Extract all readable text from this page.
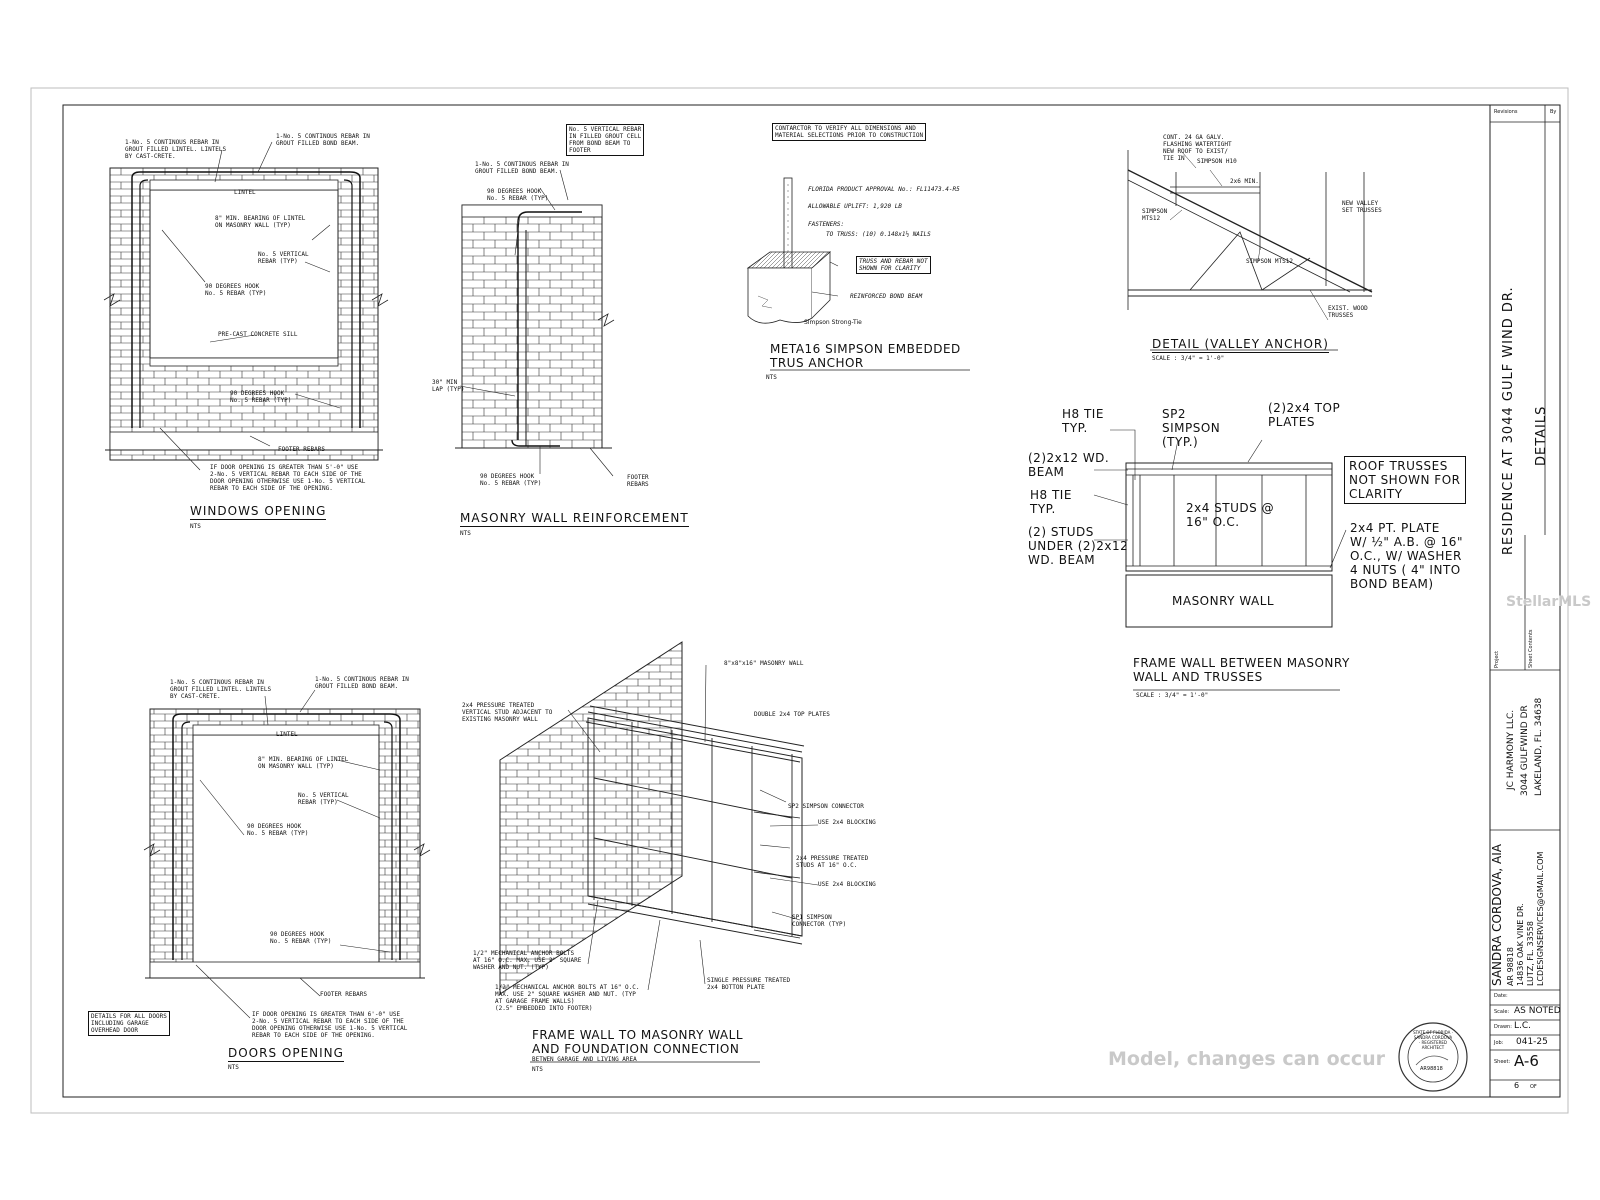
1-No. 5 CONTINOUS REBAR IN
GROUT FILLED LINTEL. LINTELS
BY CAST-CRETE.
1-No. 5 CONTINOUS REBAR IN
GROUT FILLED BOND BEAM.
LINTEL
8" MIN. BEARING OF LINTEL
ON MASONRY WALL (TYP)
No. 5 VERTICAL
REBAR (TYP)
90 DEGREES HOOK
No. 5 REBAR (TYP)
PRE-CAST CONCRETE SILL
90 DEGREES HOOK
No. 5 REBAR (TYP)
FOOTER REBARS
IF DOOR OPENING IS GREATER THAN 5'-0" USE
2-No. 5 VERTICAL REBAR TO EACH SIDE OF THE
DOOR OPENING OTHERWISE USE 1-No. 5 VERTICAL
REBAR TO EACH SIDE OF THE OPENING.
WINDOWS OPENING
NTS
No. 5 VERTICAL REBAR
IN FILLED GROUT CELL
FROM BOND BEAM TO
FOOTER
1-No. 5 CONTINOUS REBAR IN
GROUT FILLED BOND BEAM.
90 DEGREES HOOK
No. 5 REBAR (TYP)
30" MIN
LAP (TYP)
90 DEGREES HOOK
No. 5 REBAR (TYP)
FOOTER
REBARS
MASONRY WALL REINFORCEMENT
NTS
CONTARCTOR TO VERIFY ALL DIMENSIONS AND
MATERIAL SELECTIONS PRIOR TO CONSTRUCTION
FLORIDA PRODUCT APPROVAL No.: FL11473.4-R5
ALLOWABLE UPLIFT: 1,920 LB
FASTENERS:
TO TRUSS: (10) 0.148x1½ NAILS
TRUSS AND REBAR NOT
SHOWN FOR CLARITY
REINFORCED BOND BEAM
Simpson Strong-Tie
META16 SIMPSON EMBEDDED
TRUS ANCHOR
NTS
CONT. 24 GA GALV.
FLASHING WATERTIGHT
NEW ROOF TO EXIST/
TIE IN	SIMPSON H10
2x6 MIN.
SIMPSON
MTS12
NEW VALLEY
SET TRUSSES
SIMPSON MTS12
EXIST. WOOD
TRUSSES
DETAIL (VALLEY ANCHOR)
SCALE : 3/4" = 1'-0"
H8 TIE
TYP.
SP2
SIMPSON
(TYP.)
(2)2x4 TOP
PLATES
(2)2x12 WD.
BEAM
H8 TIE
TYP.
(2) STUDS
UNDER (2)2x12
WD. BEAM
2x4 STUDS @
16" O.C.
ROOF TRUSSES
NOT SHOWN FOR
CLARITY
2x4 PT. PLATE
W/ ½" A.B. @ 16"
O.C., W/ WASHER
4 NUTS ( 4" INTO
BOND BEAM)
MASONRY WALL
FRAME WALL BETWEEN MASONRY
WALL AND TRUSSES
SCALE : 3/4" = 1'-0"
1-No. 5 CONTINOUS REBAR IN
GROUT FILLED LINTEL. LINTELS
BY CAST-CRETE.
1-No. 5 CONTINOUS REBAR IN
GROUT FILLED BOND BEAM.
LINTEL
8" MIN. BEARING OF LINTEL
ON MASONRY WALL (TYP)
No. 5 VERTICAL
REBAR (TYP)
90 DEGREES HOOK
No. 5 REBAR (TYP)
90 DEGREES HOOK
No. 5 REBAR (TYP)
FOOTER REBARS
IF DOOR OPENING IS GREATER THAN 6'-0" USE
2-No. 5 VERTICAL REBAR TO EACH SIDE OF THE
DOOR OPENING OTHERWISE USE 1-No. 5 VERTICAL
REBAR TO EACH SIDE OF THE OPENING.
DETAILS FOR ALL DOORS
INCLUDING GARAGE
OVERHEAD DOOR
DOORS OPENING
NTS
8"x8"x16" MASONRY WALL
2x4 PRESSURE TREATED
VERTICAL STUD ADJACENT TO
EXISTING MASONRY WALL
DOUBLE 2x4 TOP PLATES
SP2 SIMPSON CONNECTOR
USE 2x4 BLOCKING
2x4 PRESSURE TREATED
STUDS AT 16" O.C.
USE 2x4 BLOCKING
SP1 SIMPSON
CONNECTOR (TYP)
1/2" MECHANICAL ANCHOR BOLTS
AT 16" O.C. MAX. USE 2" SQUARE
WASHER AND NUT. (TYP)
1/2" MECHANICAL ANCHOR BOLTS AT 16" O.C.
MAX. USE 2" SQUARE WASHER AND NUT. (TYP
AT GARAGE FRAME WALLS)
(2.5" EMBEDDED INTO FOOTER)
SINGLE PRESSURE TREATED
2x4 BOTTON PLATE
FRAME WALL TO MASONRY WALL
AND FOUNDATION CONNECTION
BETWEN GARAGE AND LIVING AREA
NTS
Revisions	By
Project
RESIDENCE AT 3044 GULF WIND DR.
Sheet Contents
DETAILS
JC HARMONY LLC. 3044 GULFWIND DR LAKELAND, FL. 34638
SANDRA CORDOVA, AIA AR 98818 14836 OAK VINE DR. LUTZ, FL. 33558 LCDESIGNSERVICES@GMAIL.COM
Date:
Scale: AS NOTED
Drawn: L.C.
Job: 041-25
Sheet: A-6
6 OF
STATE OF FLORIDA · SANDRA CORDOVA · REGISTERED ARCHITECT
AR98818
Model, changes can occur
StellarMLS
